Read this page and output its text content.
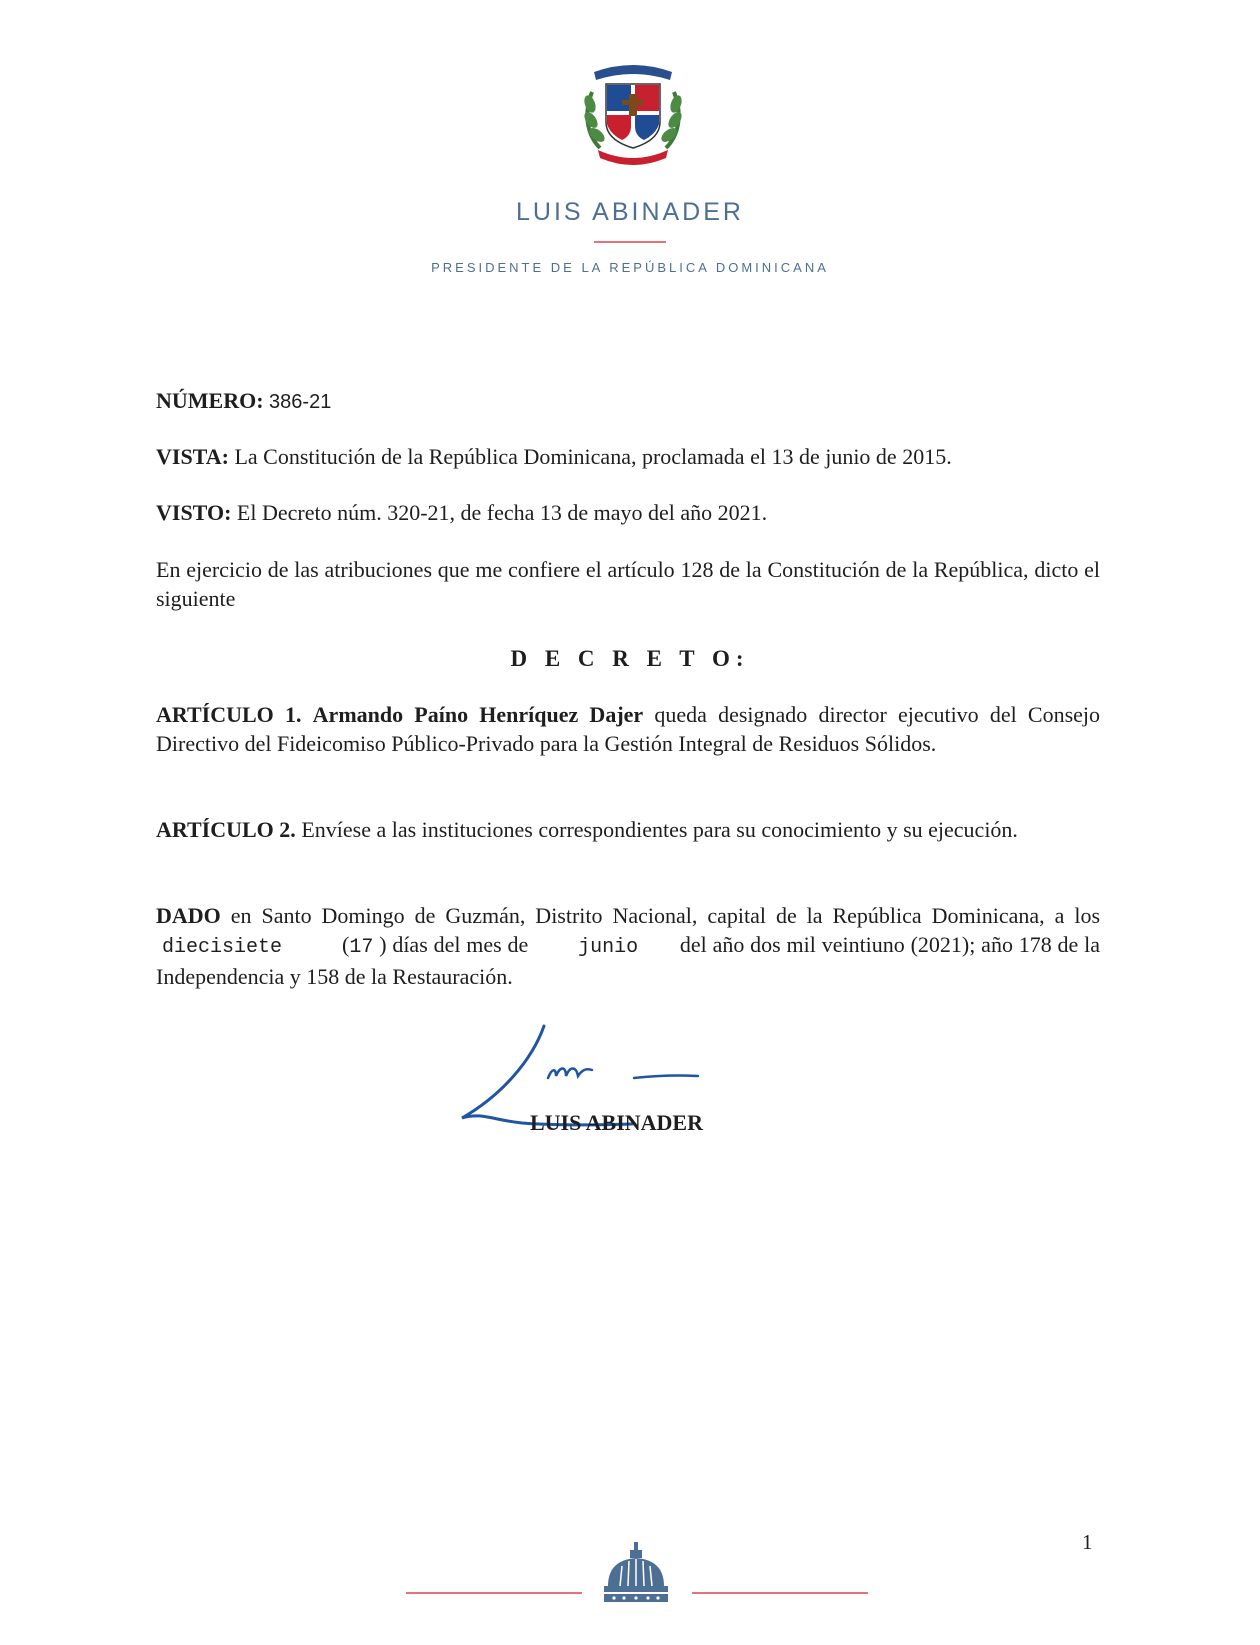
LUIS ABINADER
PRESIDENTE DE LA REPÚBLICA DOMINICANA
NÚMERO: 386-21
VISTA: La Constitución de la República Dominicana, proclamada el 13 de junio de 2015.
VISTO: El Decreto núm. 320-21, de fecha 13 de mayo del año 2021.
En ejercicio de las atribuciones que me confiere el artículo 128 de la Constitución de la República, dicto el siguiente
D E C R E T O:
ARTÍCULO 1. Armando Paíno Henríquez Dajer queda designado director ejecutivo del Consejo Directivo del Fideicomiso Público-Privado para la Gestión Integral de Residuos Sólidos.
ARTÍCULO 2. Envíese a las instituciones correspondientes para su conocimiento y su ejecución.
DADO en Santo Domingo de Guzmán, Distrito Nacional, capital de la República Dominicana, a los diecisiete	(17 ) días del mes de junio del año dos mil veintiuno (2021); año 178 de la Independencia y 158 de la Restauración.
LUIS ABINADER
1
